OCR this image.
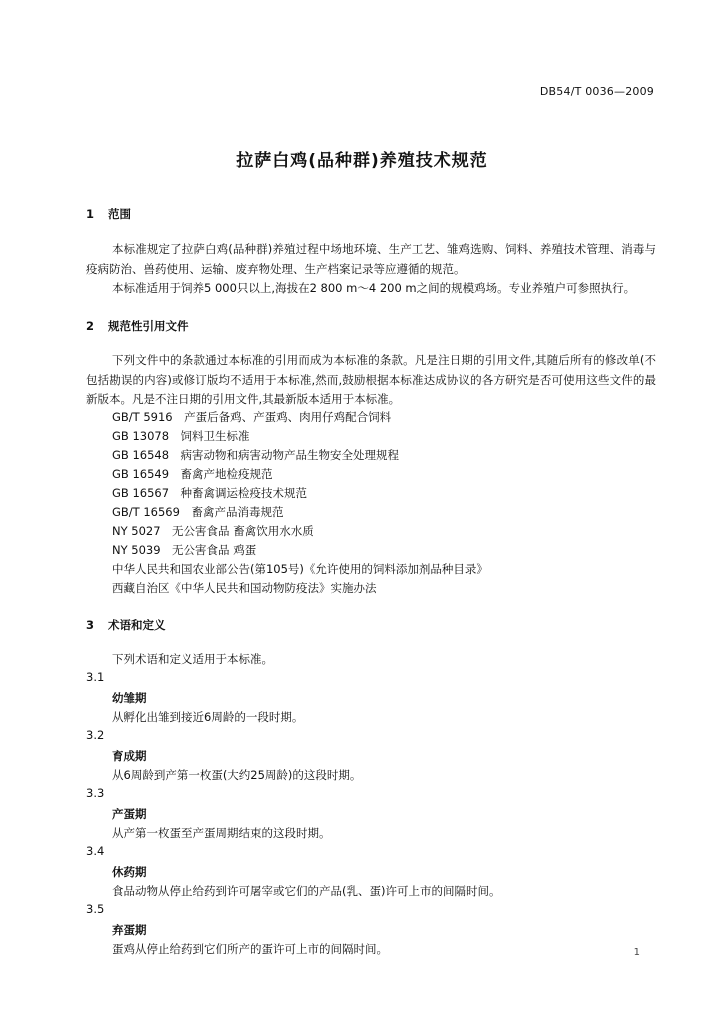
DB54/T 0036—2009
拉萨白鸡(品种群)养殖技术规范
1 范围
本标准规定了拉萨白鸡(品种群)养殖过程中场地环境、生产工艺、雏鸡选购、饲料、养殖技术管理、消毒与疫病防治、兽药使用、运输、废弃物处理、生产档案记录等应遵循的规范。
本标准适用于饲养5 000只以上,海拔在2 800 m～4 200 m之间的规模鸡场。专业养殖户可参照执行。
2 规范性引用文件
下列文件中的条款通过本标准的引用而成为本标准的条款。凡是注日期的引用文件,其随后所有的修改单(不包括勘误的内容)或修订版均不适用于本标准,然而,鼓励根据本标准达成协议的各方研究是否可使用这些文件的最新版本。凡是不注日期的引用文件,其最新版本适用于本标准。
GB/T 5916　产蛋后备鸡、产蛋鸡、肉用仔鸡配合饲料
GB 13078　饲料卫生标准
GB 16548　病害动物和病害动物产品生物安全处理规程
GB 16549　畜禽产地检疫规范
GB 16567　种畜禽调运检疫技术规范
GB/T 16569　畜禽产品消毒规范
NY 5027　无公害食品 畜禽饮用水水质
NY 5039　无公害食品 鸡蛋
中华人民共和国农业部公告(第105号)《允许使用的饲料添加剂品种目录》
西藏自治区《中华人民共和国动物防疫法》实施办法
3 术语和定义
下列术语和定义适用于本标准。
3.1
幼雏期
从孵化出雏到接近6周龄的一段时期。
3.2
育成期
从6周龄到产第一枚蛋(大约25周龄)的这段时期。
3.3
产蛋期
从产第一枚蛋至产蛋周期结束的这段时期。
3.4
休药期
食品动物从停止给药到许可屠宰或它们的产品(乳、蛋)许可上市的间隔时间。
3.5
弃蛋期
蛋鸡从停止给药到它们所产的蛋许可上市的间隔时间。	1
